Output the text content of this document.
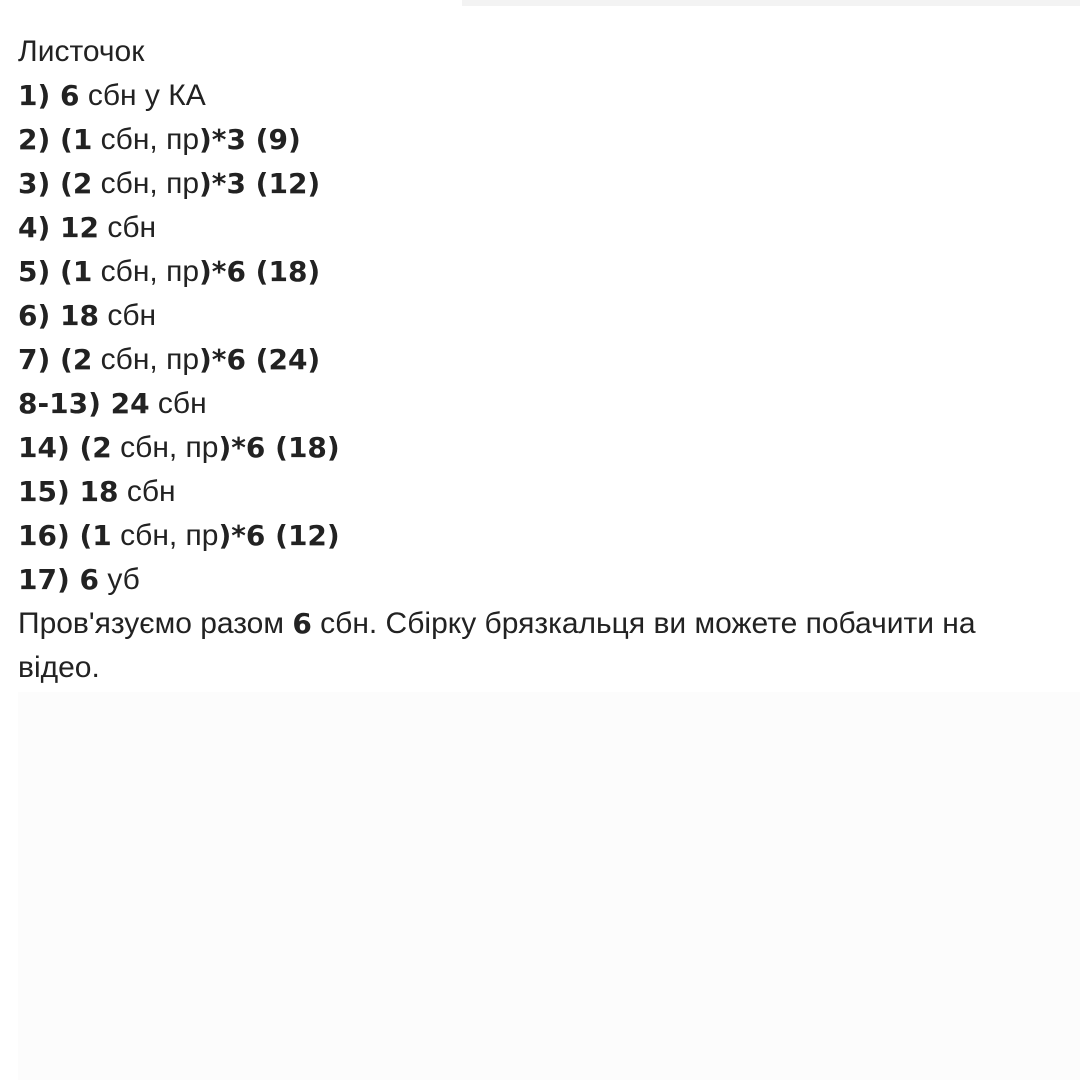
Листочок

1) 6 сбн у КА

2) (1 сбн, пр)*3 (9)

3) (2 сбн, пр)*3 (12)

4) 12 сбн

5) (1 сбн, пр)*6 (18)

6) 18 сбн

7) (2 сбн, пр)*6 (24)

8-13) 24 сбн

14) (2 сбн, пр)*6 (18)

15) 18 сбн

16) (1 сбн, пр)*6 (12)

17) 6 уб

Пров'язуємо разом 6 сбн. Сбірку брязкальця ви можете побачити на відео.
